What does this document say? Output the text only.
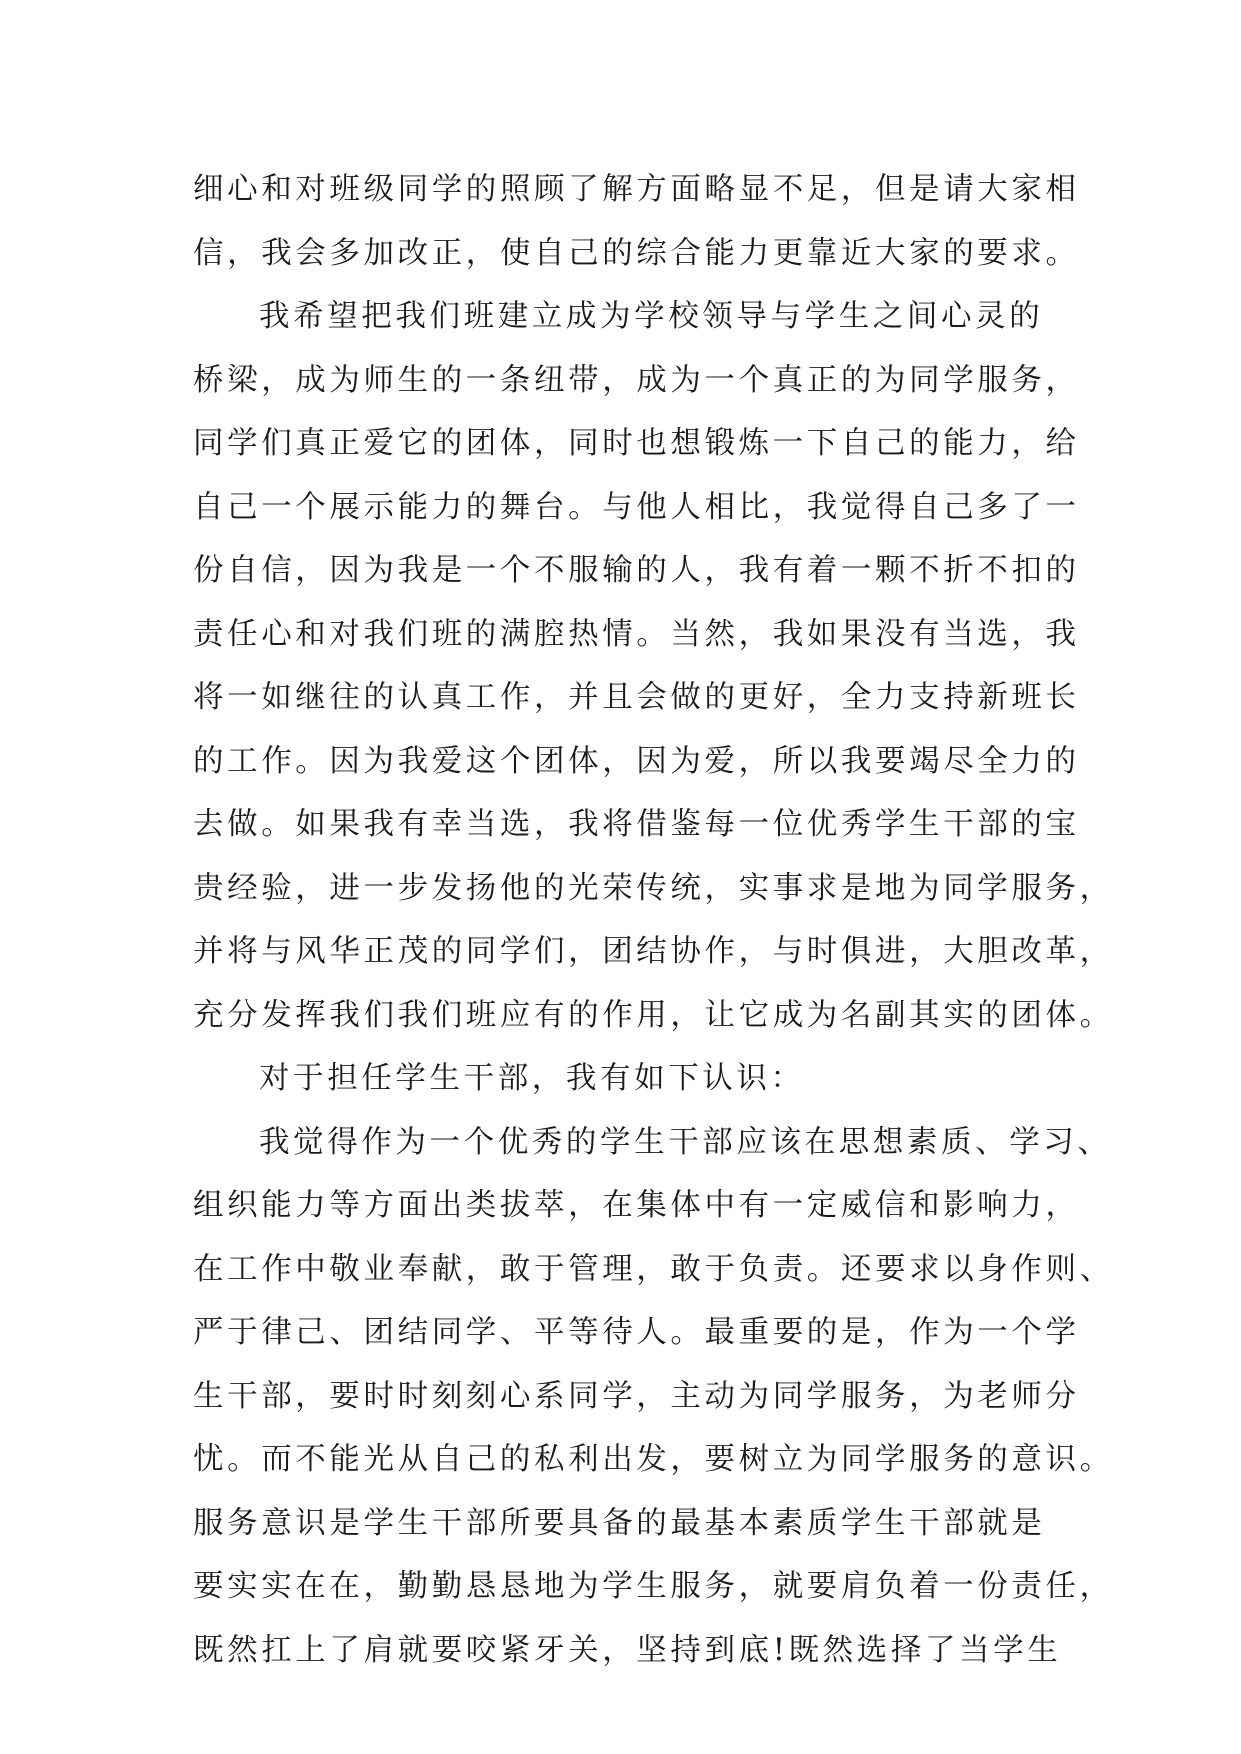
细心和对班级同学的照顾了解方面略显不足，但是请大家相
信，我会多加改正，使自己的综合能力更靠近大家的要求。
我希望把我们班建立成为学校领导与学生之间心灵的
桥梁，成为师生的一条纽带，成为一个真正的为同学服务，
同学们真正爱它的团体，同时也想锻炼一下自己的能力，给
自己一个展示能力的舞台。与他人相比，我觉得自己多了一
份自信，因为我是一个不服输的人，我有着一颗不折不扣的
责任心和对我们班的满腔热情。当然，我如果没有当选，我
将一如继往的认真工作，并且会做的更好，全力支持新班长
的工作。因为我爱这个团体，因为爱，所以我要竭尽全力的
去做。如果我有幸当选，我将借鉴每一位优秀学生干部的宝
贵经验，进一步发扬他的光荣传统，实事求是地为同学服务，
并将与风华正茂的同学们，团结协作，与时俱进，大胆改革，
充分发挥我们我们班应有的作用，让它成为名副其实的团体。
对于担任学生干部，我有如下认识：
我觉得作为一个优秀的学生干部应该在思想素质、学习、
组织能力等方面出类拔萃，在集体中有一定威信和影响力，
在工作中敬业奉献，敢于管理，敢于负责。还要求以身作则、
严于律己、团结同学、平等待人。最重要的是，作为一个学
生干部，要时时刻刻心系同学，主动为同学服务，为老师分
忧。而不能光从自己的私利出发，要树立为同学服务的意识。
服务意识是学生干部所要具备的最基本素质学生干部就是
要实实在在，勤勤恳恳地为学生服务，就要肩负着一份责任，
既然扛上了肩就要咬紧牙关，坚持到底!既然选择了当学生
